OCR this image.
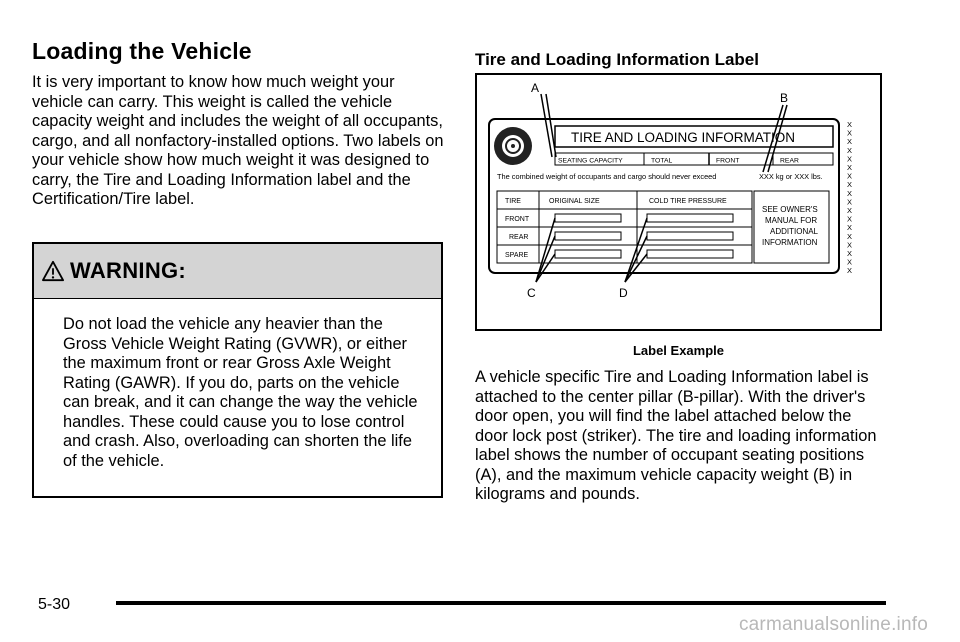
Loading the Vehicle

It is very important to know how much weight your vehicle can carry. This weight is called the vehicle capacity weight and includes the weight of all occupants, cargo, and all nonfactory-installed options. Two labels on your vehicle show how much weight it was designed to carry, the Tire and Loading Information label and the Certification/Tire label.

WARNING:
Do not load the vehicle any heavier than the Gross Vehicle Weight Rating (GVWR), or either the maximum front or rear Gross Axle Weight Rating (GAWR). If you do, parts on the vehicle can break, and it can change the way the vehicle handles. These could cause you to lose control and crash. Also, overloading can shorten the life of the vehicle.
Tire and Loading Information Label
TIRE AND LOADING INFORMATION
SEATING CAPACITY	TOTAL	FRONT	REAR
The combined weight of occupants and cargo should never exceed	XXX kg or XXX lbs.
TIRE	ORIGINAL SIZE	COLD TIRE PRESSURE
FRONT
REAR
SPARE
SEE OWNER'S
MANUAL FOR
ADDITIONAL
INFORMATION
X
X
X
X
X
X
X
X
X
X
X
X
X
X
X
X
X
X
A
B
C	D
Label Example
A vehicle specific Tire and Loading Information label is attached to the center pillar (B-pillar). With the driver's door open, you will find the label attached below the door lock post (striker). The tire and loading information label shows the number of occupant seating positions (A), and the maximum vehicle capacity weight (B) in kilograms and pounds.
5-30
carmanualsonline.info
